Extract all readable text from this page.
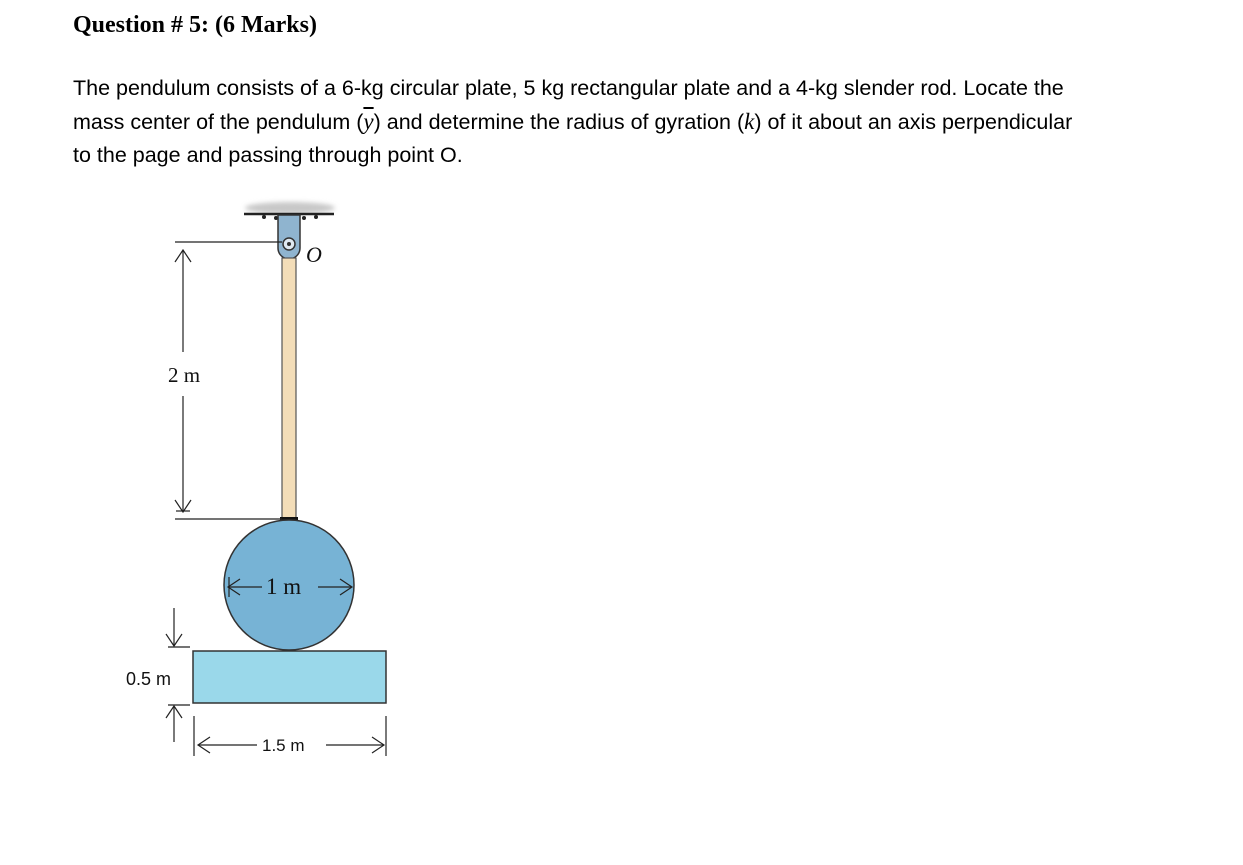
Question # 5: (6 Marks)

The pendulum consists of a 6-kg circular plate, 5 kg rectangular plate and a 4-kg slender rod. Locate the
mass center of the pendulum $(\overline{y})$ and determine the radius of gyration (k) of it about an axis perpendicular
to the page and passing through point O.

O
2 m
1 m
0.5 m
1.5 m
